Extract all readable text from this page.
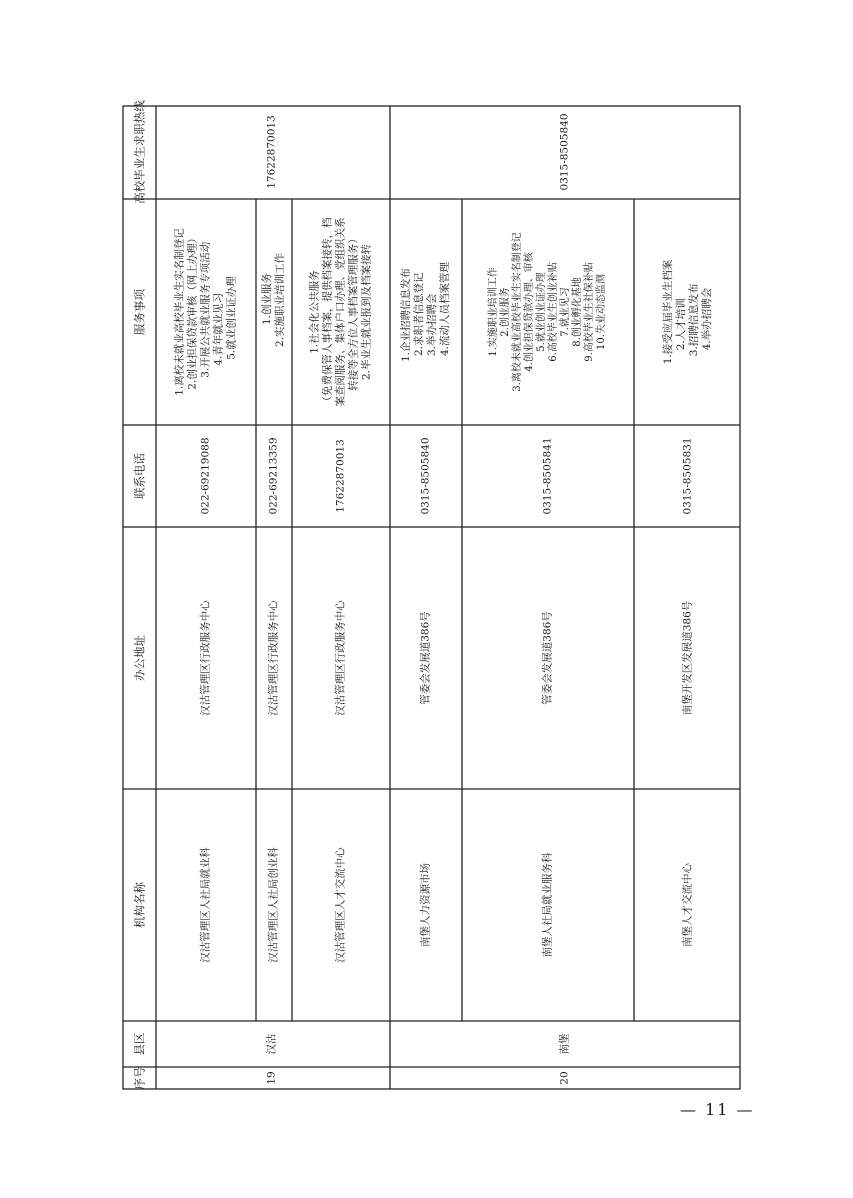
高校毕业生求职热线
服务事项
联系电话
办公地址
机构名称
县区
序号	19
汉沽
17622870013
汉沽管理区人社局就业科
汉沽管理区行政服务中心
022-69219088
1.离校未就业高校毕业生实名制登记 2.创业担保贷款审核（网上办理） 3.开展公共就业服务专项活动 4.青年就业见习 5.就业创业证办理
汉沽管理区人社局创业科
汉沽管理区行政服务中心
022-69213359
1.创业服务 2.实施职业培训工作
汉沽管理区人才交流中心
汉沽管理区行政服务中心
17622870013
1.社会化公共服务 （免费保管人事档案，提供档案接转，档 案查阅服务、集体户口办理、党组织关系 转接等全方位人事档案管理服务） 2.毕业生就业报到及档案接转
20
南堡
0315-8505840
南堡人力资源市场
管委会发展道386号
0315-8505840
1.企业招聘信息发布 2.求职者信息登记 3.举办招聘会 4.流动人员档案管理
南堡人社局就业服务科
管委会发展道386号
0315-8505841
1.实施职业培训工作 2.创业服务 3.离校未就业高校毕业生实名制登记 4.创业担保贷款办理、审核 5.就业创业证办理 6.高校毕业生创业补贴 7.就业见习 8.创业孵化基地 9.高校毕业生社保补贴 10.失业动态监测
南堡人才交流中心
南堡开发区发展道386号
0315-8505831
1.接受应届毕业生档案 2.人才培训 3.招聘信息发布 4.举办招聘会
— 11 —
